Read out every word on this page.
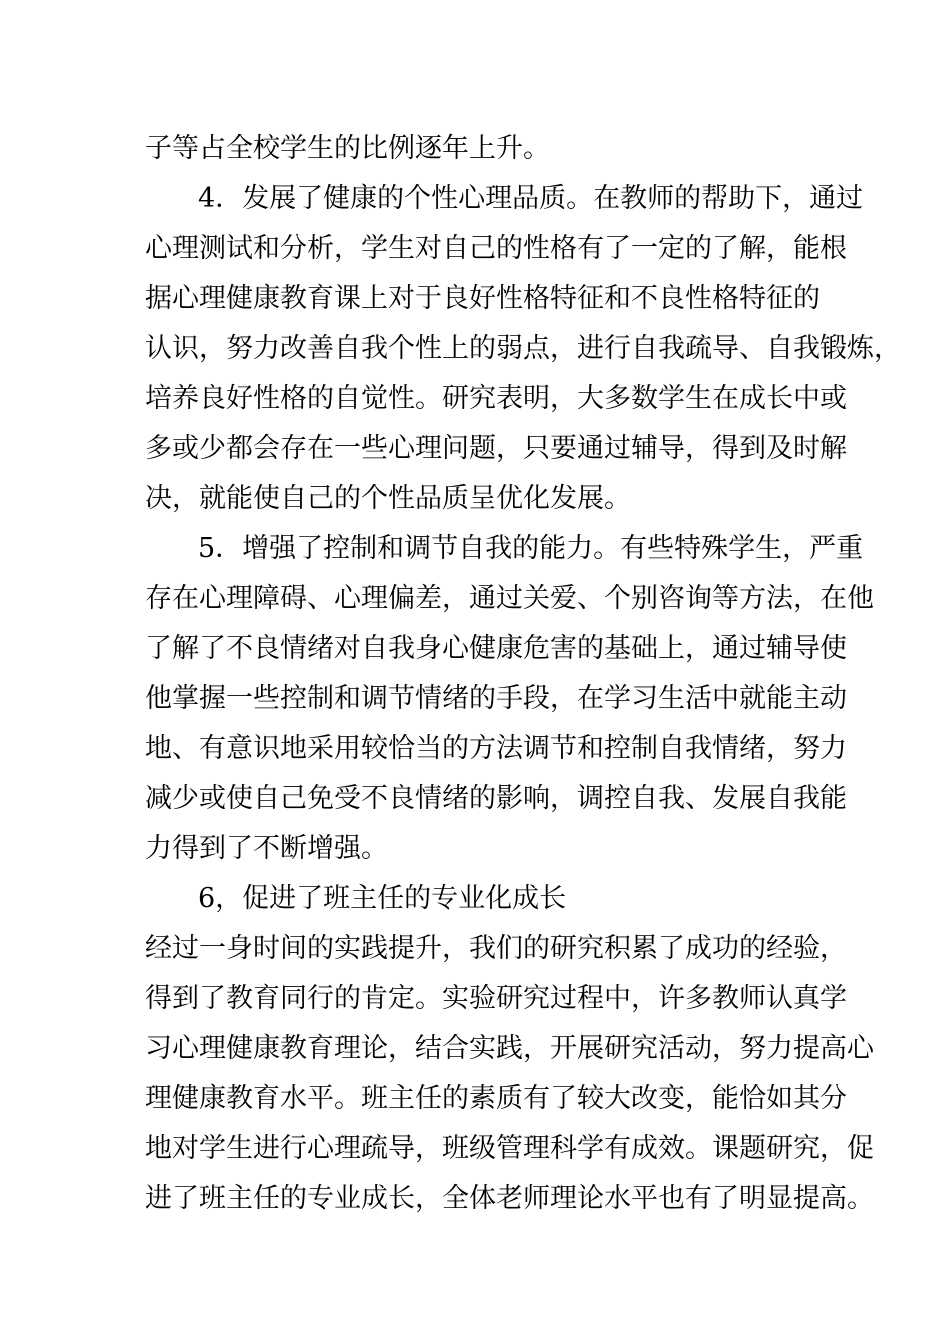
子等占全校学生的比例逐年上升。
4．发展了健康的个性心理品质。在教师的帮助下，通过
心理测试和分析，学生对自己的性格有了一定的了解，能根
据心理健康教育课上对于良好性格特征和不良性格特征的
认识，努力改善自我个性上的弱点，进行自我疏导、自我锻炼，
培养良好性格的自觉性。研究表明，大多数学生在成长中或
多或少都会存在一些心理问题，只要通过辅导，得到及时解
决，就能使自己的个性品质呈优化发展。
5．增强了控制和调节自我的能力。有些特殊学生，严重
存在心理障碍、心理偏差，通过关爱、个别咨询等方法，在他
了解了不良情绪对自我身心健康危害的基础上，通过辅导使
他掌握一些控制和调节情绪的手段，在学习生活中就能主动
地、有意识地采用较恰当的方法调节和控制自我情绪，努力
减少或使自己免受不良情绪的影响，调控自我、发展自我能
力得到了不断增强。
6，促进了班主任的专业化成长
经过一身时间的实践提升，我们的研究积累了成功的经验，
得到了教育同行的肯定。实验研究过程中，许多教师认真学
习心理健康教育理论，结合实践，开展研究活动，努力提高心
理健康教育水平。班主任的素质有了较大改变，能恰如其分
地对学生进行心理疏导，班级管理科学有成效。课题研究，促
进了班主任的专业成长，全体老师理论水平也有了明显提高。
